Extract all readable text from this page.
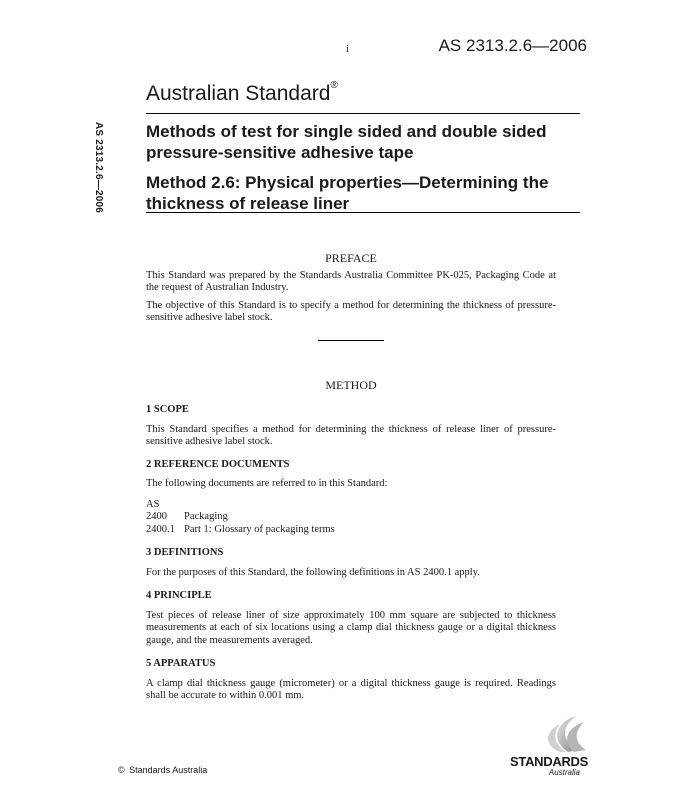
i	AS 2313.2.6—2006
Australian Standard®
AS 2313.2.6—2006 Methods of test for single sided and double sided pressure-sensitive adhesive tape
Method 2.6: Physical properties—Determining the thickness of release liner

PREFACE

This Standard was prepared by the Standards Australia Committee PK-025, Packaging Code at the request of Australian Industry.

The objective of this Standard is to specify a method for determining the thickness of pressure-sensitive adhesive label stock.

METHOD

1 SCOPE

This Standard specifies a method for determining the thickness of release liner of pressure-sensitive adhesive label stock.

2 REFERENCE DOCUMENTS

The following documents are referred to in this Standard:

AS

2400	Packaging
2400.1 Part 1: Glossary of packaging terms

3 DEFINITIONS

For the purposes of this Standard, the following definitions in AS 2400.1 apply.

4 PRINCIPLE

Test pieces of release liner of size approximately 100 mm square are subjected to thickness measurements at each of six locations using a clamp dial thickness gauge or a digital thickness gauge, and the measurements averaged.

5 APPARATUS

A clamp dial thickness gauge (micrometer) or a digital thickness gauge is required. Readings shall be accurate to within 0.001 mm.

© Standards Australia
STANDARDS
Australia
